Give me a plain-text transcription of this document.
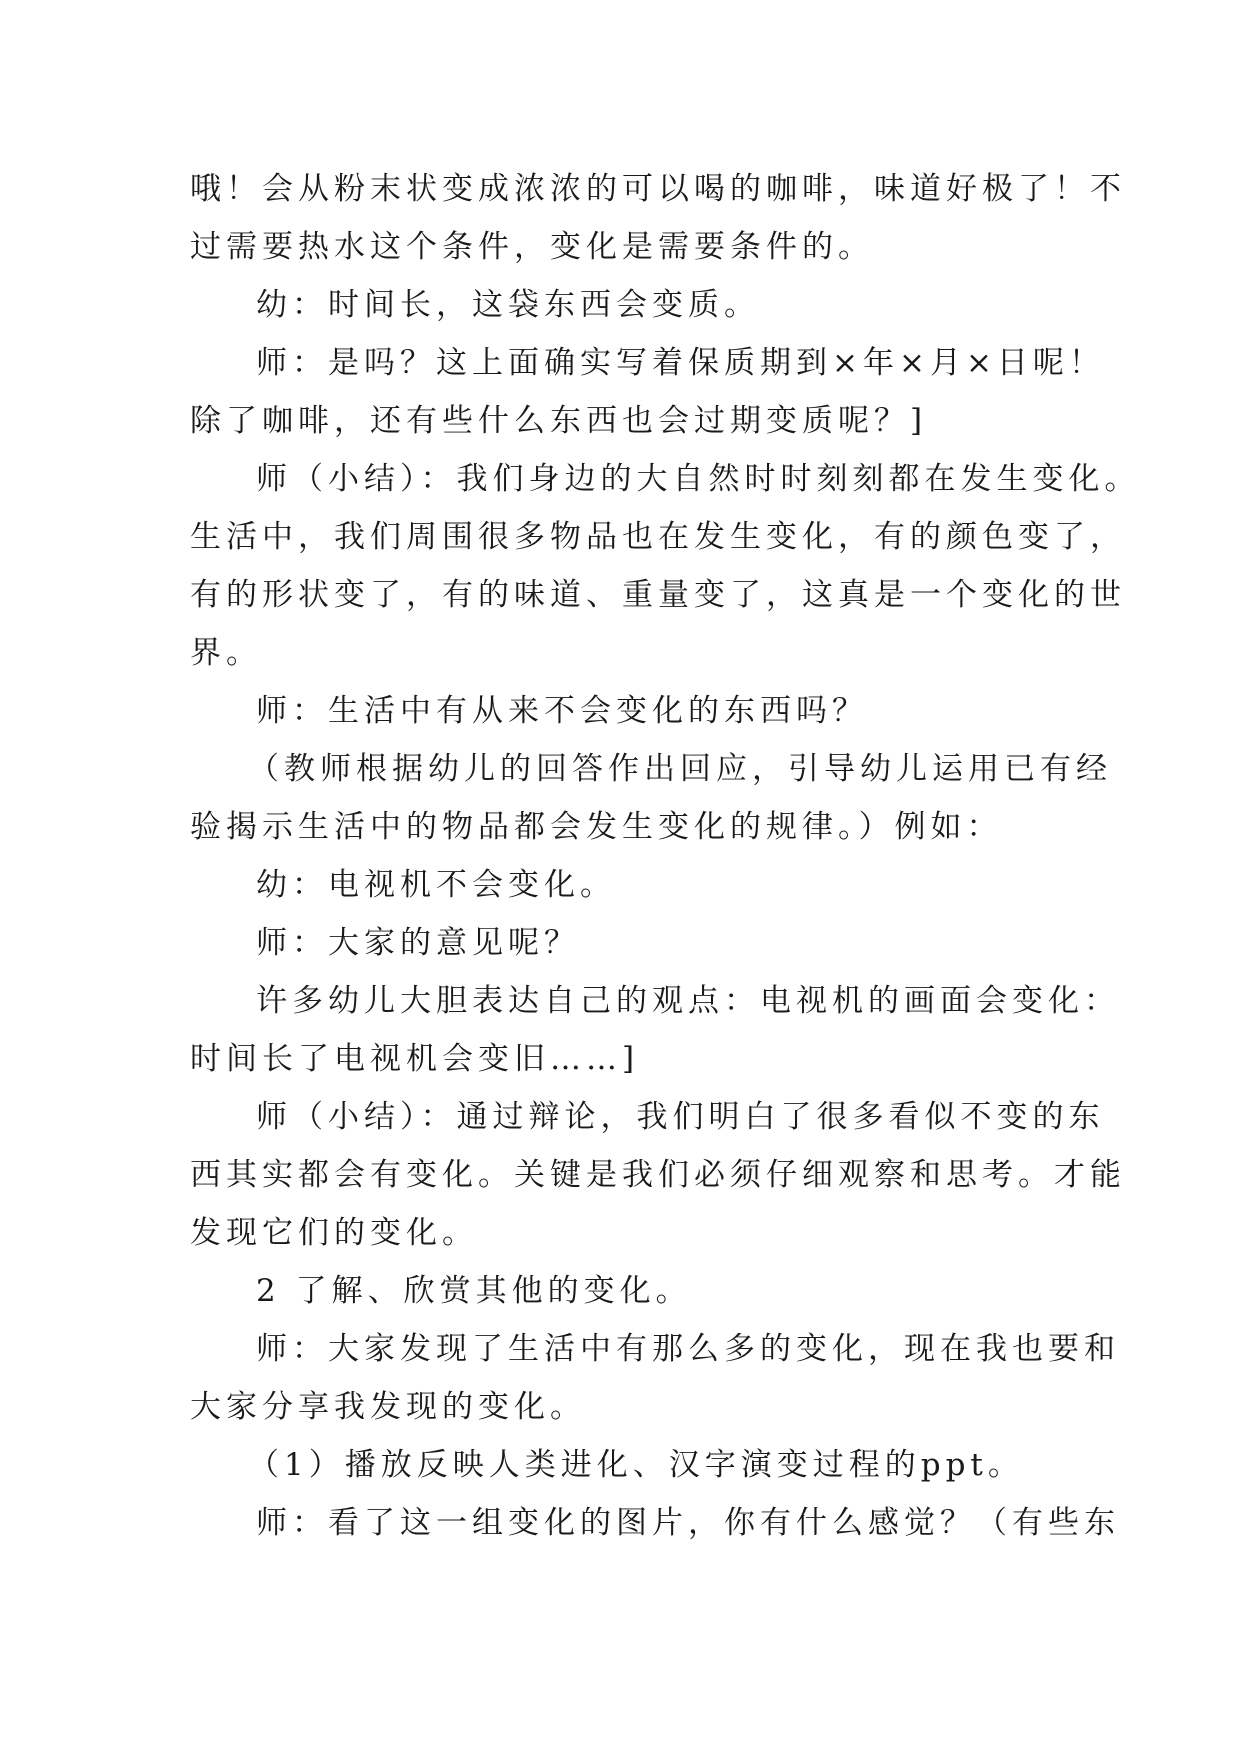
哦！会从粉末状变成浓浓的可以喝的咖啡，味道好极了！不
过需要热水这个条件，变化是需要条件的。
幼：时间长，这袋东西会变质。
师：是吗？这上面确实写着保质期到×年×月×日呢！
除了咖啡，还有些什么东西也会过期变质呢？]
师（小结）：我们身边的大自然时时刻刻都在发生变化。
生活中，我们周围很多物品也在发生变化，有的颜色变了，
有的形状变了，有的味道、重量变了，这真是一个变化的世
界。
师：生活中有从来不会变化的东西吗？
（教师根据幼儿的回答作出回应，引导幼儿运用已有经
验揭示生活中的物品都会发生变化的规律。）例如：
幼：电视机不会变化。
师：大家的意见呢？
许多幼儿大胆表达自己的观点：电视机的画面会变化：
时间长了电视机会变旧……]
师（小结）：通过辩论，我们明白了很多看似不变的东
西其实都会有变化。关键是我们必须仔细观察和思考。才能
发现它们的变化。
2 了解、欣赏其他的变化。
师：大家发现了生活中有那么多的变化，现在我也要和
大家分享我发现的变化。
（1）播放反映人类进化、汉字演变过程的ppt。
师：看了这一组变化的图片，你有什么感觉？（有些东
